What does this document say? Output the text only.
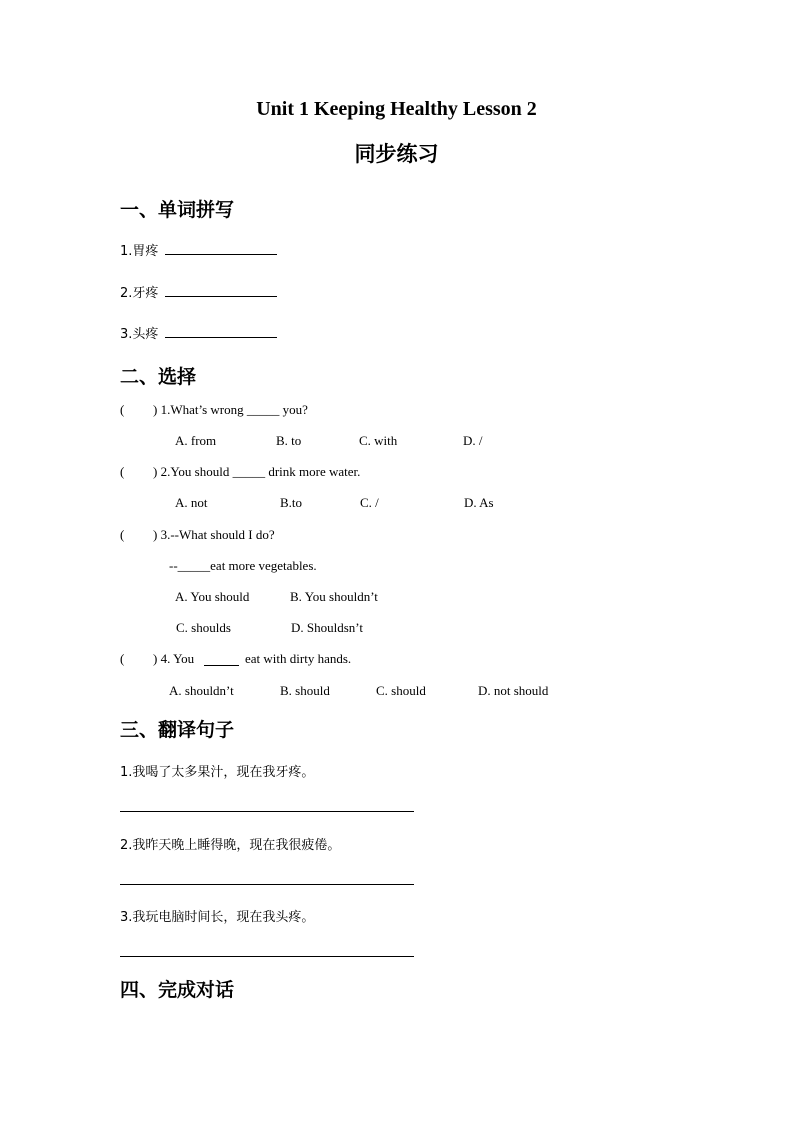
Unit 1 Keeping Healthy Lesson 2
同步练习
一、单词拼写
1.胃疼
2.牙疼
3.头疼
二、选择
( ) 1.What’s wrong _____ you?
A. from	B. to	C. with	D. /
( ) 2.You should _____ drink more water.
A. not	B.to	C. /	D. As
( ) 3.--What should I do?
--_____eat more vegetables.
A. You should	B. You shouldn’t
C. shoulds	D. Shouldsn’t
( ) 4. You	eat with dirty hands.
A. shouldn’t	B. should	C. should	D. not should
三、翻译句子
1.我喝了太多果汁，现在我牙疼。
2.我昨天晚上睡得晚，现在我很疲倦。
3.我玩电脑时间长，现在我头疼。
四、完成对话
